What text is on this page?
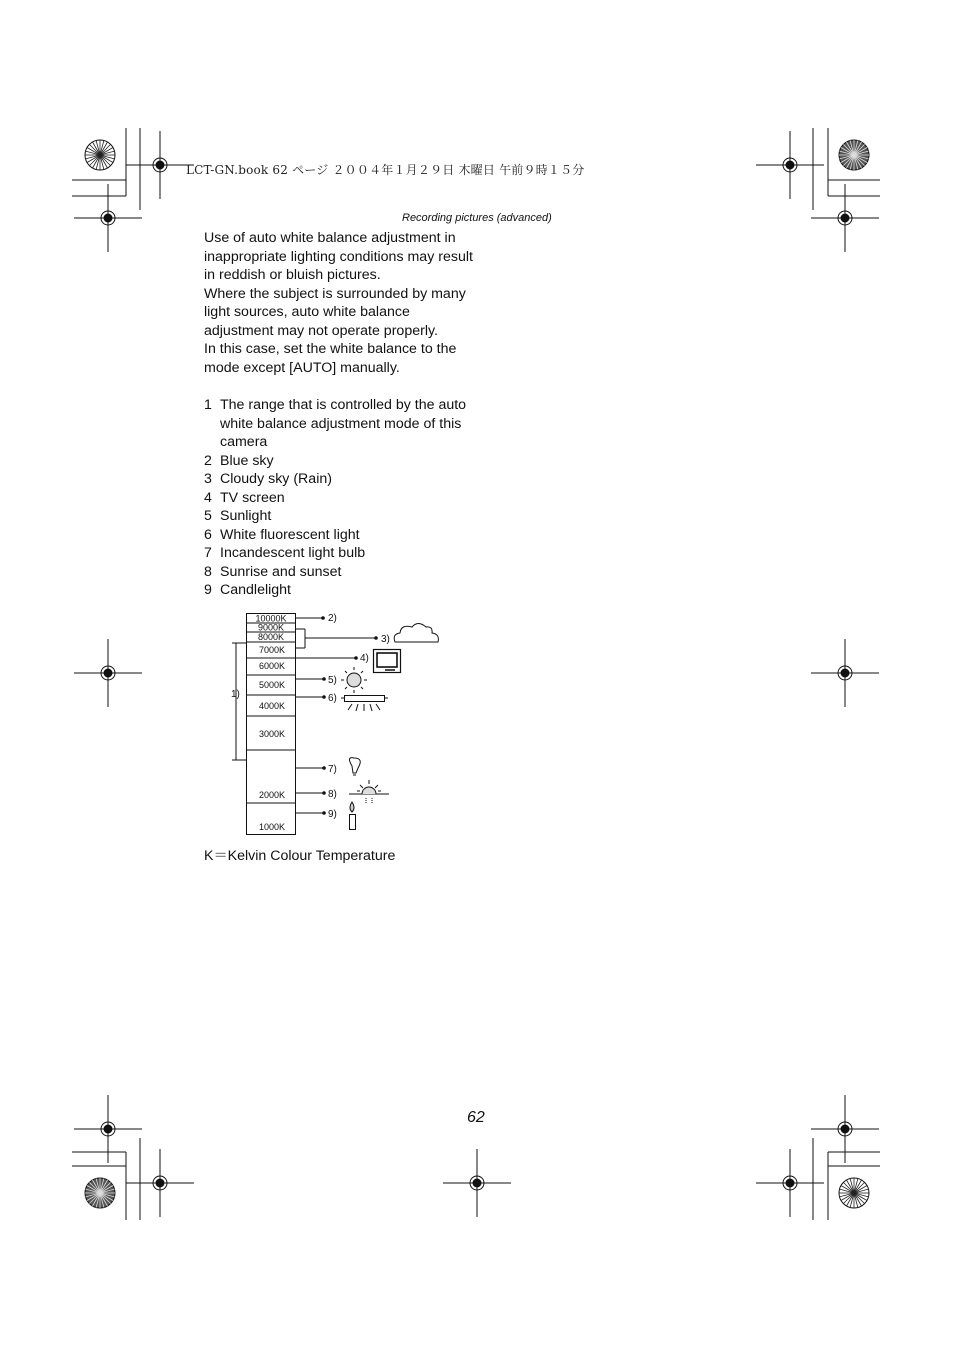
LCT-GN.book 62 ページ ２００４年１月２９日 木曜日 午前９時１５分
Recording pictures (advanced)

Use of auto white balance adjustment in inappropriate lighting conditions may result in reddish or bluish pictures.

Where the subject is surrounded by many light sources, auto white balance adjustment may not operate properly.

In this case, set the white balance to the mode except [AUTO] manually.

1 The range that is controlled by the auto white balance adjustment mode of this camera
2 Blue sky
3 Cloudy sky (Rain)
4 TV screen
5 Sunlight
6 White fluorescent light
7 Incandescent light bulb
8 Sunrise and sunset
9 Candlelight
10000K
9000K
8000K
7000K
6000K
5000K
4000K
3000K
2000K
1000K
1)
2)
3)
4)
5)
6)
7)
8)
9)
K＝Kelvin Colour Temperature
62
